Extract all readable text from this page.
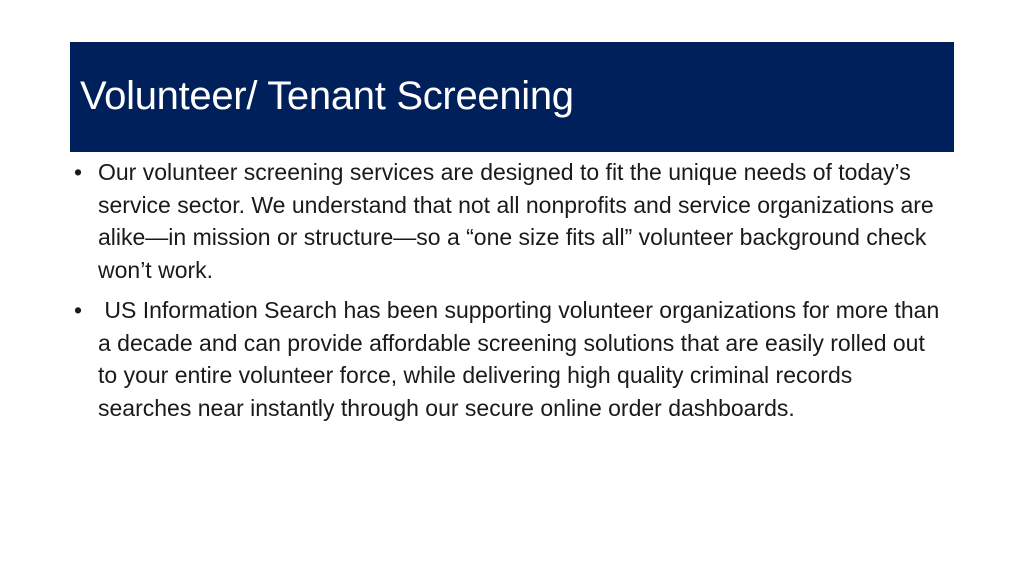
Volunteer/ Tenant Screening
• Our volunteer screening services are designed to fit the unique needs of today’s service sector. We understand that not all nonprofits and service organizations are alike—in mission or structure—so a “one size fits all” volunteer background check won’t work.
• US Information Search has been supporting volunteer organizations for more than a decade and can provide affordable screening solutions that are easily rolled out to your entire volunteer force, while delivering high quality criminal records searches near instantly through our secure online order dashboards.
